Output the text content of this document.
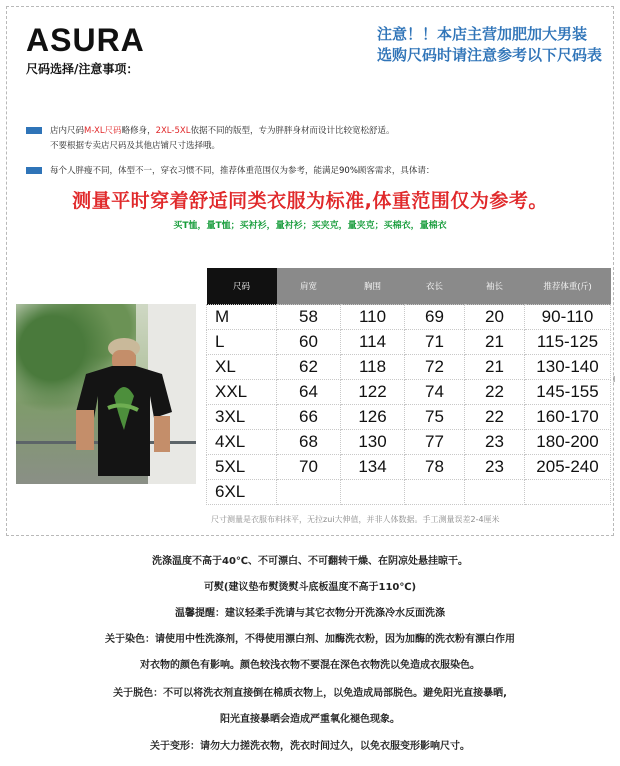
ASURA
尺码选择/注意事项：
注意！！本店主营加肥加大男装
选购尺码时请注意参考以下尺码表
店内尺码M-XL尺码略修身，2XL-5XL依据不同的版型，专为胖胖身材而设计比较宽松舒适。
不要根据专卖店尺码及其他店铺尺寸选择哦。
每个人胖瘦不同，体型不一，穿衣习惯不同，推荐体重范围仅为参考，能满足90%顾客需求，具体请：
测量平时穿着舒适同类衣服为标准,体重范围仅为参考。
买T恤，量T恤；买衬衫，量衬衫；买夹克，量夹克；买棉衣，量棉衣
尺码	肩宽	胸围	衣长	袖长	推荐体重(斤)
M	58	110	69	20	90-110
L	60	114	71	21	115-125
XL	62	118	72	21	130-140
XXL	64	122	74	22	145-155
3XL	66	126	75	22	160-170
4XL	68	130	77	23	180-200
5XL	70	134	78	23	205-240
6XL					
l
尺寸测量是衣服布料抹平，无拉zui大伸值，并非人体数据。手工测量误差2-4厘米
洗涤温度不高于40℃、不可漂白、不可翻转干燥、在阴凉处悬挂晾干。
可熨(建议垫布熨烫熨斗底板温度不高于110℃)
温馨提醒：建议轻柔手洗请与其它衣物分开洗涤冷水反面洗涤
关于染色：请使用中性洗涤剂，不得使用漂白剂、加酶洗衣粉，因为加酶的洗衣粉有漂白作用
对衣物的颜色有影响。颜色较浅衣物不要混在深色衣物洗以免造成衣服染色。
关于脱色：不可以将洗衣剂直接倒在棉质衣物上，以免造成局部脱色。避免阳光直接暴晒,
阳光直接暴晒会造成严重氧化褪色现象。
关于变形：请勿大力搓洗衣物，洗衣时间过久，以免衣服变形影响尺寸。
